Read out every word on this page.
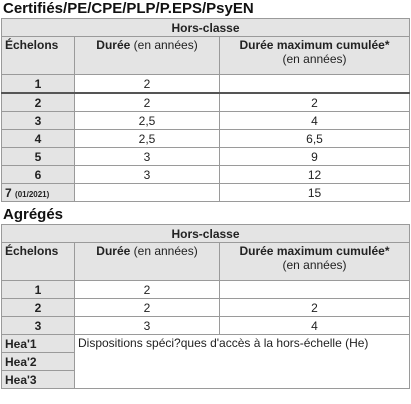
Certifiés/PE/CPE/PLP/P.EPS/PsyEN
Hors-classe		
Échelons	Durée (en années)	Durée maximum cumulée*
(en années)
1	2	
2	2	2
3	2,5	4
4	2,5	6,5
5	3	9
6	3	12
7 (01/2021)		15
Agrégés
Hors-classe		
Échelons	Durée (en années)	Durée maximum cumulée*
(en années)
1	2	
2	2	2
3	3	4
Hea'1	Dispositions spéci?ques d'accès à la hors-échelle (He)	
Hea'2		
Hea'3		
